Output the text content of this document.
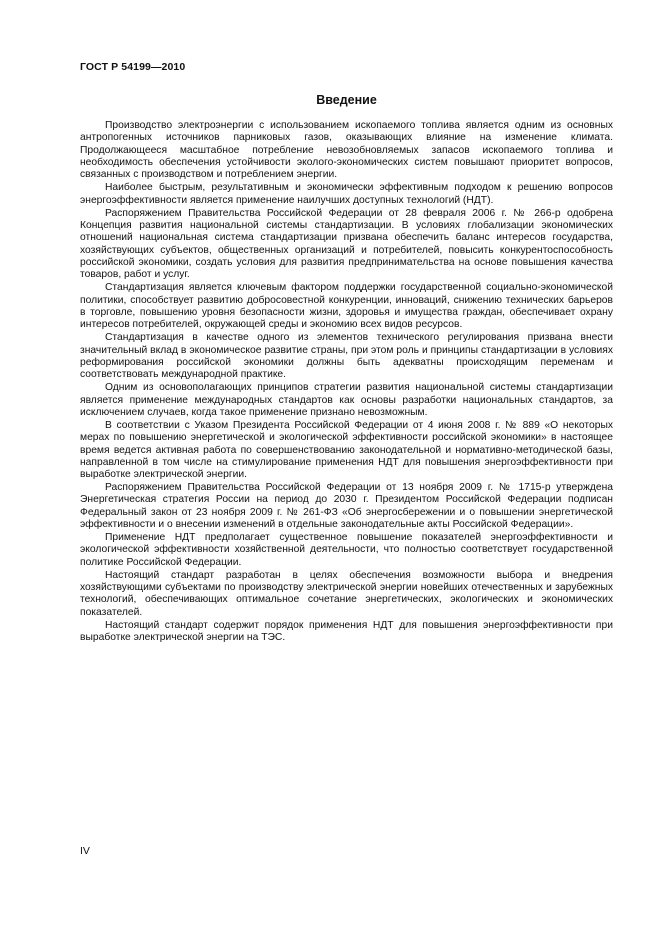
ГОСТ Р 54199—2010
Введение

Производство электроэнергии с использованием ископаемого топлива является одним из основных антропогенных источников парниковых газов, оказывающих влияние на изменение климата. Продолжающееся масштабное потребление невозобновляемых запасов ископаемого топлива и необходимость обеспечения устойчивости эколого-экономических систем повышают приоритет вопросов, связанных с производством и потреблением энергии.

Наиболее быстрым, результативным и экономически эффективным подходом к решению вопросов энергоэффективности является применение наилучших доступных технологий (НДТ).

Распоряжением Правительства Российской Федерации от 28 февраля 2006 г. № 266-р одобрена Концепция развития национальной системы стандартизации. В условиях глобализации экономических отношений национальная система стандартизации призвана обеспечить баланс интересов государства, хозяйствующих субъектов, общественных организаций и потребителей, повысить конкурентоспособность российской экономики, создать условия для развития предпринимательства на основе повышения качества товаров, работ и услуг.

Стандартизация является ключевым фактором поддержки государственной социально-экономической политики, способствует развитию добросовестной конкуренции, инноваций, снижению технических барьеров в торговле, повышению уровня безопасности жизни, здоровья и имущества граждан, обеспечивает охрану интересов потребителей, окружающей среды и экономию всех видов ресурсов.

Стандартизация в качестве одного из элементов технического регулирования призвана внести значительный вклад в экономическое развитие страны, при этом роль и принципы стандартизации в условиях реформирования российской экономики должны быть адекватны происходящим переменам и соответствовать международной практике.

Одним из основополагающих принципов стратегии развития национальной системы стандартизации является применение международных стандартов как основы разработки национальных стандартов, за исключением случаев, когда такое применение признано невозможным.

В соответствии с Указом Президента Российской Федерации от 4 июня 2008 г. № 889 «О некоторых мерах по повышению энергетической и экологической эффективности российской экономики» в настоящее время ведется активная работа по совершенствованию законодательной и нормативно-методической базы, направленной в том числе на стимулирование применения НДТ для повышения энергоэффективности при выработке электрической энергии.

Распоряжением Правительства Российской Федерации от 13 ноября 2009 г. № 1715-р утверждена Энергетическая стратегия России на период до 2030 г. Президентом Российской Федерации подписан Федеральный закон от 23 ноября 2009 г. № 261-ФЗ «Об энергосбережении и о повышении энергетической эффективности и о внесении изменений в отдельные законодательные акты Российской Федерации».

Применение НДТ предполагает существенное повышение показателей энергоэффективности и экологической эффективности хозяйственной деятельности, что полностью соответствует государственной политике Российской Федерации.

Настоящий стандарт разработан в целях обеспечения возможности выбора и внедрения хозяйствующими субъектами по производству электрической энергии новейших отечественных и зарубежных технологий, обеспечивающих оптимальное сочетание энергетических, экологических и экономических показателей.

Настоящий стандарт содержит порядок применения НДТ для повышения энергоэффективности при выработке электрической энергии на ТЭС.

IV
